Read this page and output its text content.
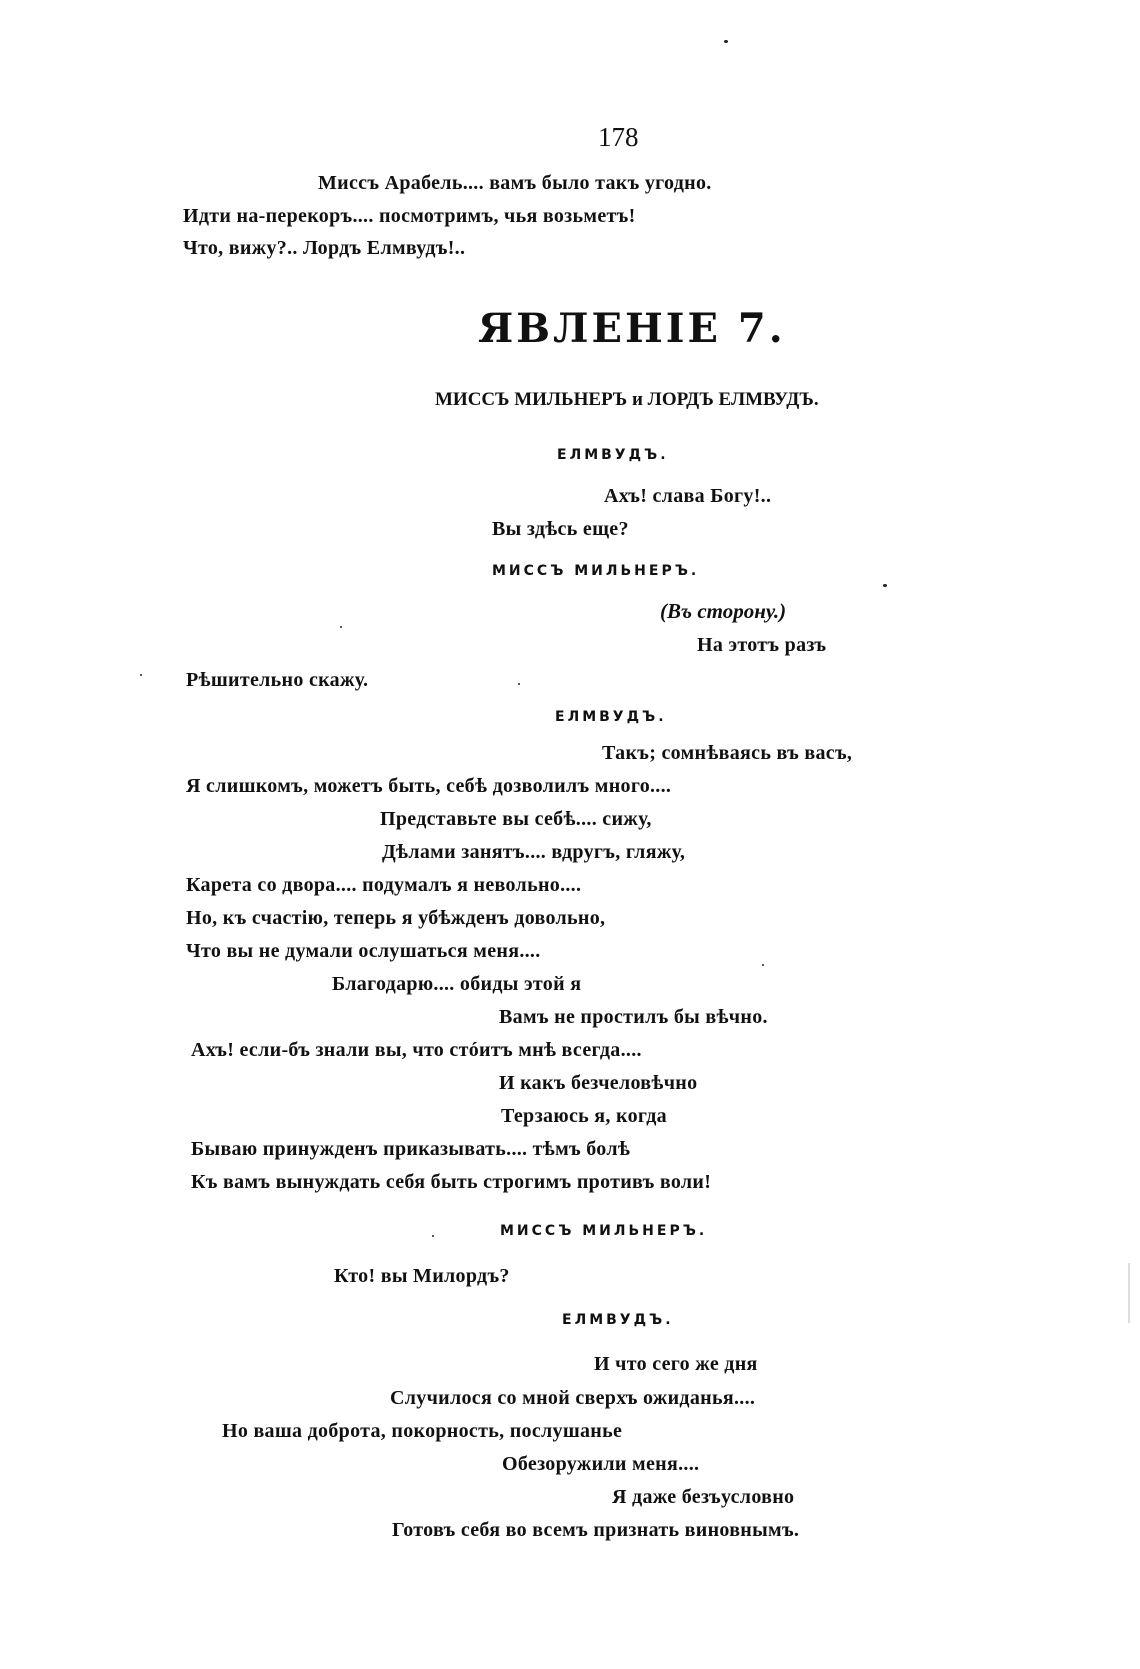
178
Миссъ Арабель.... вамъ было такъ угодно.
Идти на-перекоръ.... посмотримъ, чья возьметъ!
Что, вижу?.. Лордъ Елмвудъ!..
ЯВЛЕНІЕ 7.
МИССЪ МИЛЬНЕРЪ и ЛОРДЪ ЕЛМВУДЪ.
ЕЛМВУДЪ.
Ахъ! слава Богу!..
Вы здѣсь еще?
МИССЪ МИЛЬНЕРЪ.
(Въ сторону.)
На этотъ разъ
Рѣшительно скажу.
ЕЛМВУДЪ.
Такъ; сомнѣваясь въ васъ,
Я слишкомъ, можетъ быть, себѣ дозволилъ много....
Представьте вы себѣ.... сижу,
Дѣлами занятъ.... вдругъ, гляжу,
Карета со двора.... подумалъ я невольно....
Но, къ счастію, теперь я убѣжденъ довольно,
Что вы не думали ослушаться меня....
Благодарю.... обиды этой я
Вамъ не простилъ бы вѣчно.
Ахъ! если-бъ знали вы, что стóитъ мнѣ всегда....
И какъ безчеловѣчно
Терзаюсь я, когда
Бываю принужденъ приказывать.... тѣмъ болѣ
Къ вамъ вынуждать себя быть строгимъ противъ воли!
МИССЪ МИЛЬНЕРЪ.
Кто! вы Милордъ?
ЕЛМВУДЪ.
И что сего же дня
Случилося со мной сверхъ ожиданья....
Но ваша доброта, покорность, послушанье
Обезоружили меня....
Я даже безъусловно
Готовъ себя во всемъ признать виновнымъ.
